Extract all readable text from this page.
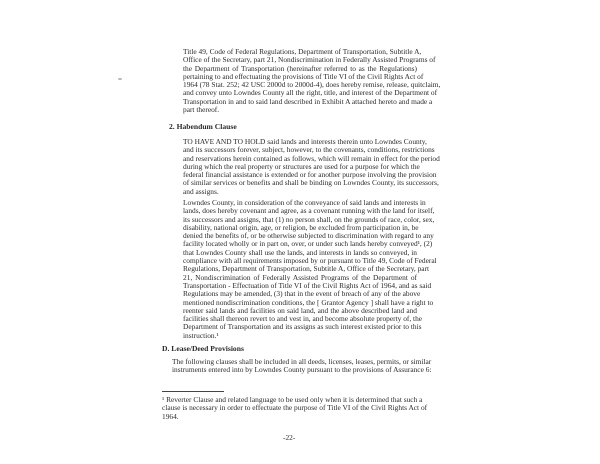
Title 49, Code of Federal Regulations, Department of Transportation, Subtitle A,
Office of the Secretary, part 21, Nondiscrimination in Federally Assisted Programs of
the Department of Transportation (hereinafter referred to as the Regulations)
pertaining to and effectuating the provisions of Title VI of the Civil Rights Act of
1964 (78 Stat. 252; 42 USC 2000d to 2000d-4), does hereby remise, release, quitclaim,
and convey unto Lowndes County all the right, title, and interest of the Department of
Transportation in and to said land described in Exhibit A attached hereto and made a
part thereof.
2. Habendum Clause
TO HAVE AND TO HOLD said lands and interests therein unto Lowndes County,
and its successors forever, subject, however, to the covenants, conditions, restrictions
and reservations herein contained as follows, which will remain in effect for the period
during which the real property or structures are used for a purpose for which the
federal financial assistance is extended or for another purpose involving the provision
of similar services or benefits and shall be binding on Lowndes County, its successors,
and assigns.
Lowndes County, in consideration of the conveyance of said lands and interests in
lands, does hereby covenant and agree, as a covenant running with the land for itself,
its successors and assigns, that (1) no person shall, on the grounds of race, color, sex,
disability, national origin, age, or religion, be excluded from participation in, be
denied the benefits of, or be otherwise subjected to discrimination with regard to any
facility located wholly or in part on, over, or under such lands hereby conveyed¹, (2)
that Lowndes County shall use the lands, and interests in lands so conveyed, in
compliance with all requirements imposed by or pursuant to Title 49, Code of Federal
Regulations, Department of Transportation, Subtitle A, Office of the Secretary, part
21, Nondiscrimination of Federally Assisted Programs of the Department of
Transportation - Effectuation of Title VI of the Civil Rights Act of 1964, and as said
Regulations may be amended, (3) that in the event of breach of any of the above
mentioned nondiscrimination conditions, the [ Grantor Agency ] shall have a right to
reenter said lands and facilities on said land, and the above described land and
facilities shall thereon revert to and vest in, and become absolute property of, the
Department of Transportation and its assigns as such interest existed prior to this
instruction.¹
D. Lease/Deed Provisions
The following clauses shall be included in all deeds, licenses, leases, permits, or similar
instruments entered into by Lowndes County pursuant to the provisions of Assurance 6:
¹ Reverter Clause and related language to be used only when it is determined that such a
clause is necessary in order to effectuate the purpose of Title VI of the Civil Rights Act of
1964.
-22-
